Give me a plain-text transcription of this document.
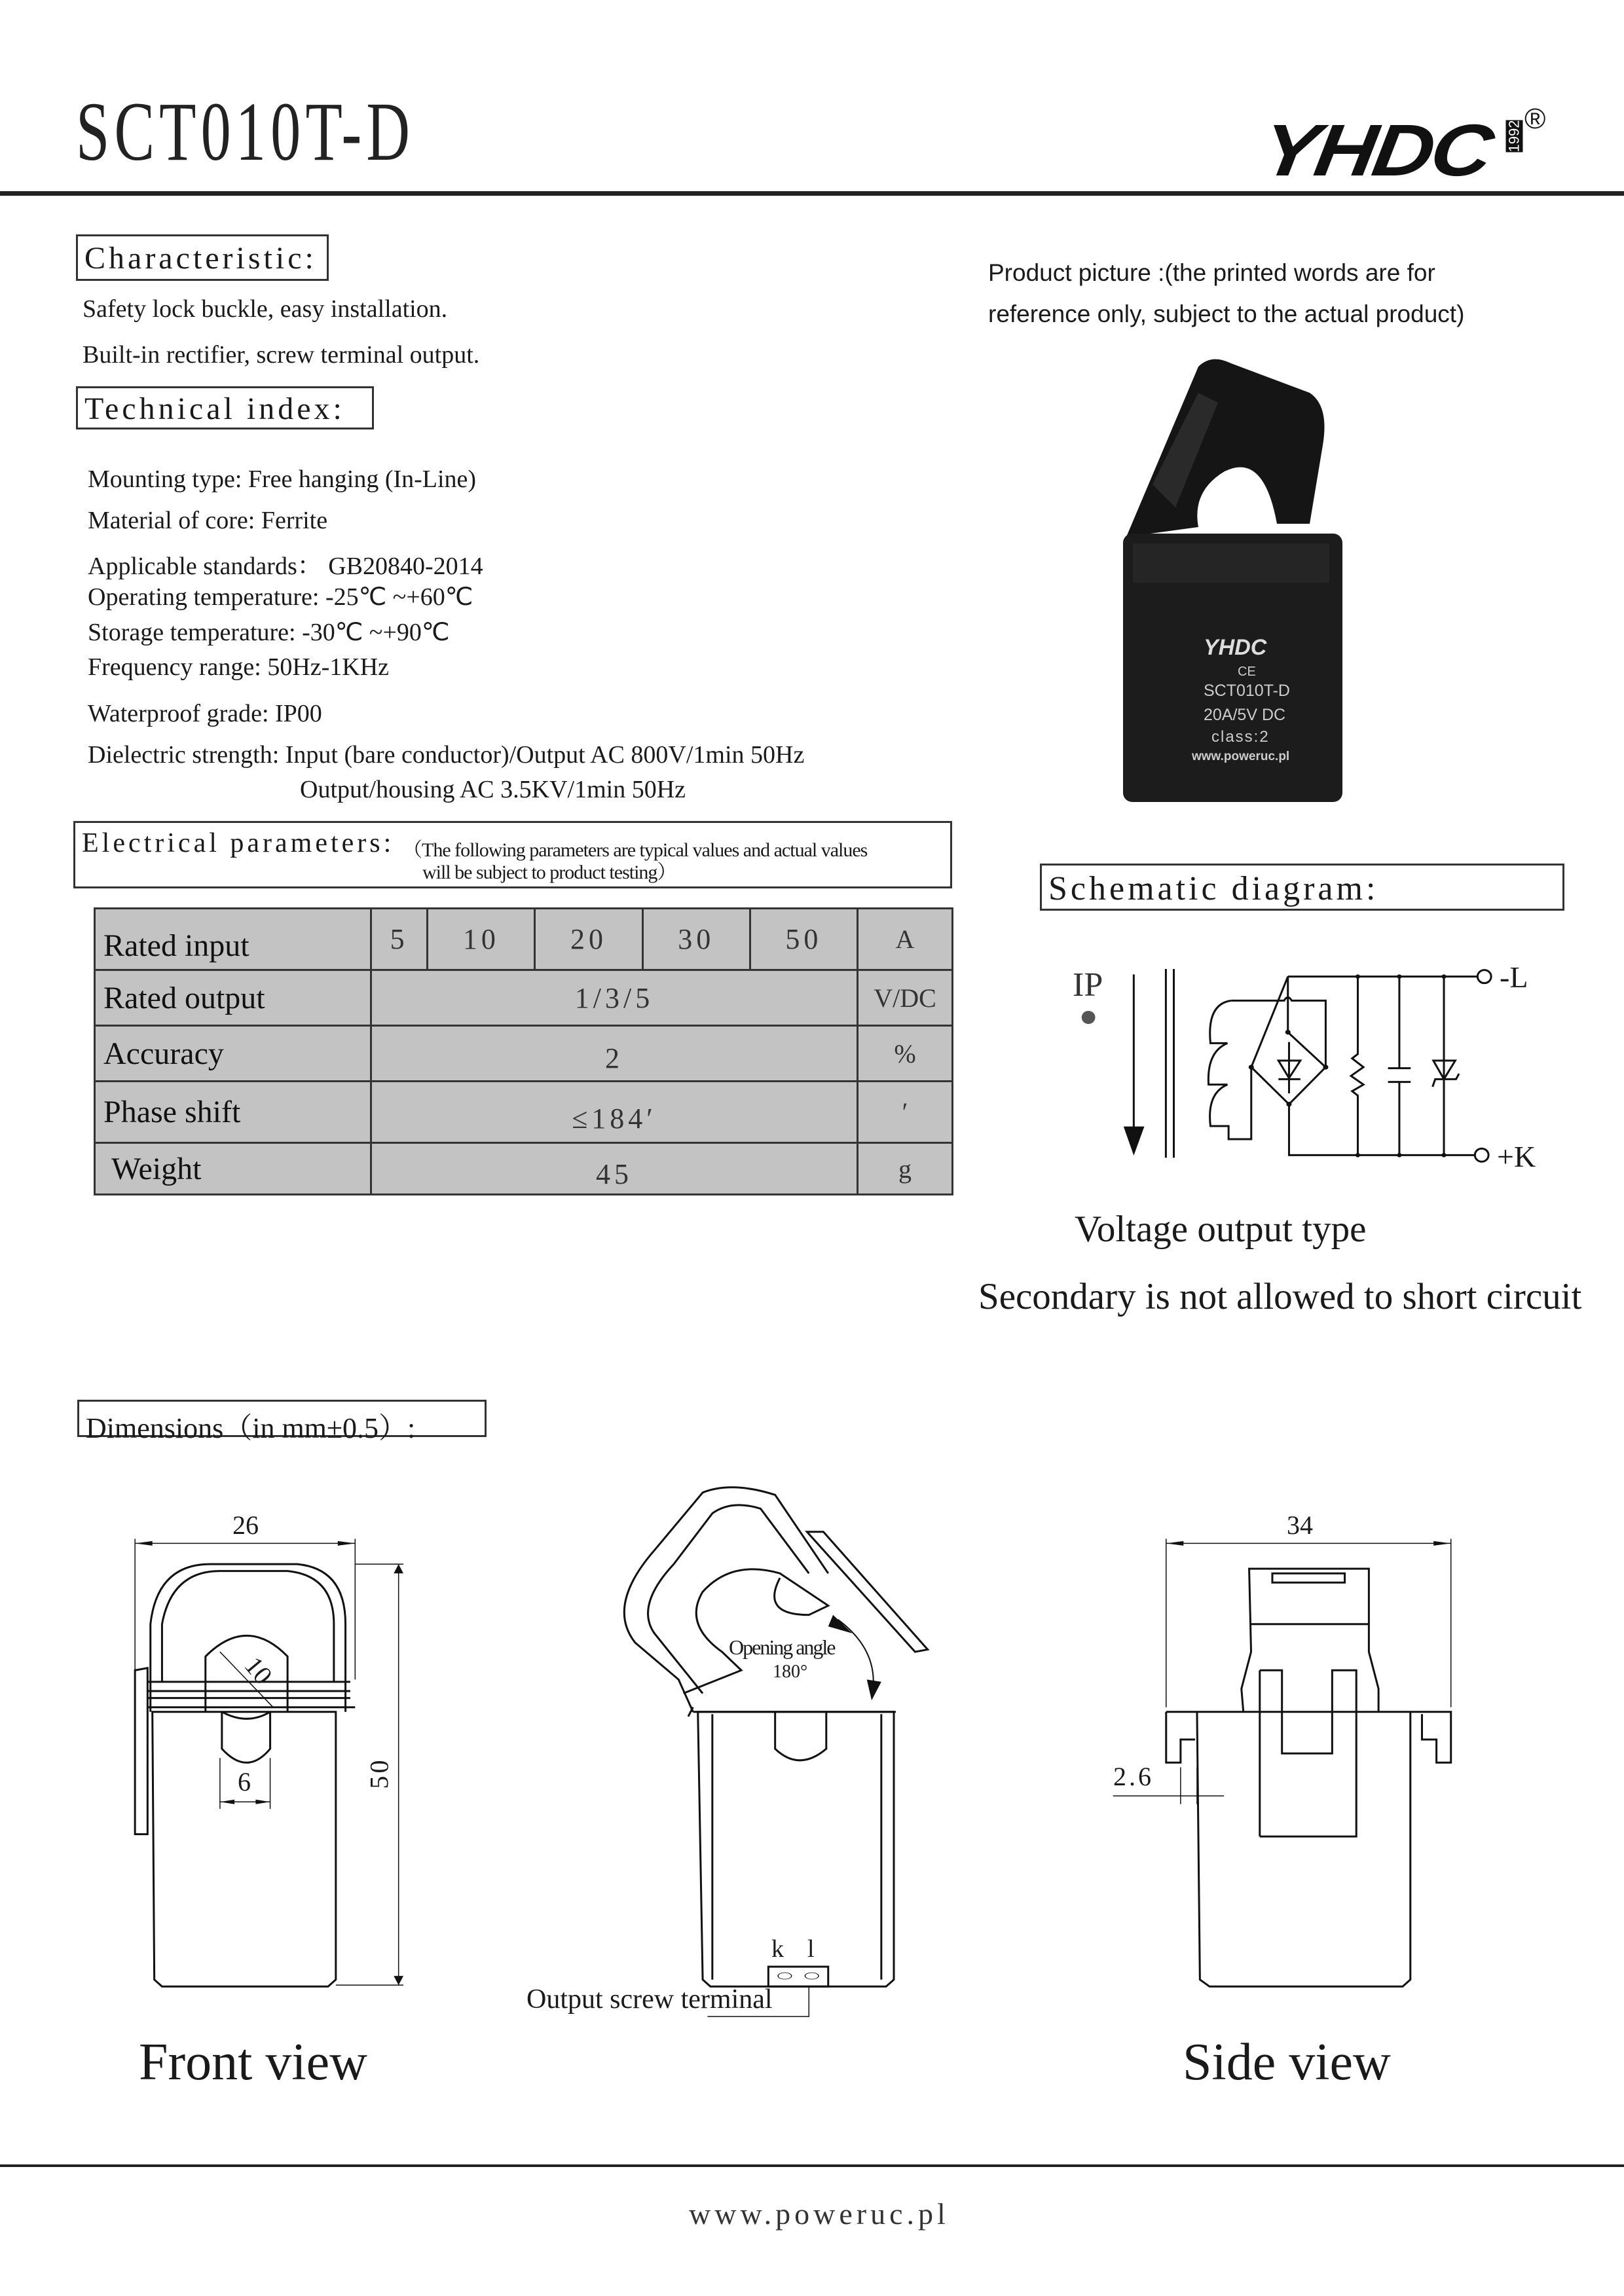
SCT010T-D	YHDC 1992
®
Characteristic:
Safety lock buckle, easy installation.
Built-in rectifier, screw terminal output.
Technical index:
Mounting type: Free hanging (In-Line)
Material of core: Ferrite
Applicable standards： GB20840-2014
Operating temperature: -25℃ ~+60℃
Storage temperature: -30℃ ~+90℃
Frequency range: 50Hz-1KHz
Waterproof grade: IP00
Dielectric strength: Input (bare conductor)/Output AC 800V/1min 50Hz
Output/housing AC 3.5KV/1min 50Hz
Electrical parameters: （The following parameters are typical values and actual values
will be subject to product testing）
Rated input	5	10	20	30	50	A
Rated output	1/3/5					V/DC
Accuracy	2					%
Phase shift	≤184′					′
Weight	45					g
Product picture :(the printed words are for
reference only, subject to the actual product)
YHDC
CE
SCT010T-D
20A/5V DC
class:2
www.poweruc.pl
Schematic diagram:
IP	-L
+K
Voltage output type
Secondary is not allowed to short circuit
Dimensions（in mm±0.5）:
26
10
6	50
Opening angle
180°
k l
Output screw terminal
34
2.6
Front view	Side view
www.poweruc.pl
